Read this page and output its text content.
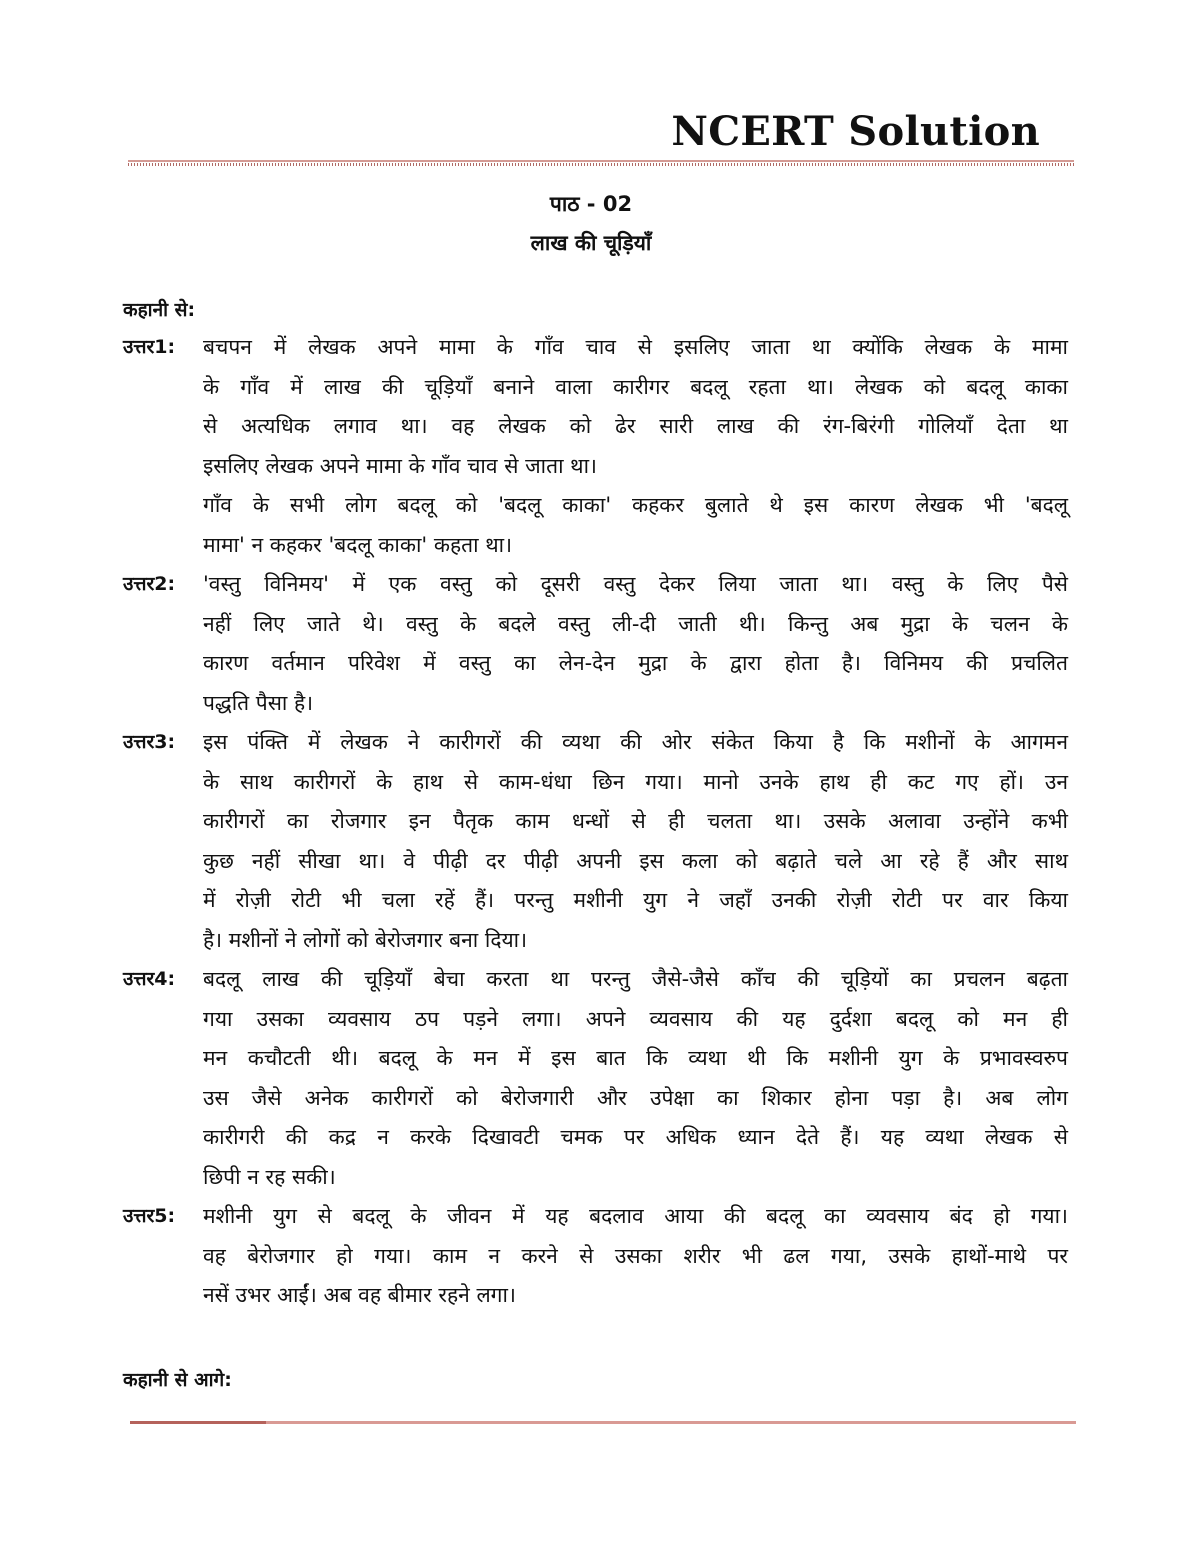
NCERT Solution
पाठ - 02
लाख की चूड़ियाँ
कहानी से:
उत्तर1:	बचपन में लेखक अपने मामा के गाँव चाव से इसलिए जाता था क्योंकि लेखक के मामा
के गाँव में लाख की चूड़ियाँ बनाने वाला कारीगर बदलू रहता था। लेखक को बदलू काका
से अत्यधिक लगाव था। वह लेखक को ढेर सारी लाख की रंग-बिरंगी गोलियाँ देता था
इसलिए लेखक अपने मामा के गाँव चाव से जाता था।
गाँव के सभी लोग बदलू को 'बदलू काका' कहकर बुलाते थे इस कारण लेखक भी 'बदलू
मामा' न कहकर 'बदलू काका' कहता था।
उत्तर2:	'वस्तु विनिमय' में एक वस्तु को दूसरी वस्तु देकर लिया जाता था। वस्तु के लिए पैसे
नहीं लिए जाते थे। वस्तु के बदले वस्तु ली-दी जाती थी। किन्तु अब मुद्रा के चलन के
कारण वर्तमान परिवेश में वस्तु का लेन-देन मुद्रा के द्वारा होता है। विनिमय की प्रचलित
पद्धति पैसा है।
उत्तर3:	इस पंक्ति में लेखक ने कारीगरों की व्यथा की ओर संकेत किया है कि मशीनों के आगमन
के साथ कारीगरों के हाथ से काम-धंधा छिन गया। मानो उनके हाथ ही कट गए हों। उन
कारीगरों का रोजगार इन पैतृक काम धन्धों से ही चलता था। उसके अलावा उन्होंने कभी
कुछ नहीं सीखा था। वे पीढ़ी दर पीढ़ी अपनी इस कला को बढ़ाते चले आ रहे हैं और साथ
में रोज़ी रोटी भी चला रहें हैं। परन्तु मशीनी युग ने जहाँ उनकी रोज़ी रोटी पर वार किया
है। मशीनों ने लोगों को बेरोजगार बना दिया।
उत्तर4:	बदलू लाख की चूड़ियाँ बेचा करता था परन्तु जैसे-जैसे काँच की चूड़ियों का प्रचलन बढ़ता
गया उसका व्यवसाय ठप पड़ने लगा। अपने व्यवसाय की यह दुर्दशा बदलू को मन ही
मन कचौटती थी। बदलू के मन में इस बात कि व्यथा थी कि मशीनी युग के प्रभावस्वरुप
उस जैसे अनेक कारीगरों को बेरोजगारी और उपेक्षा का शिकार होना पड़ा है। अब लोग
कारीगरी की कद्र न करके दिखावटी चमक पर अधिक ध्यान देते हैं। यह व्यथा लेखक से
छिपी न रह सकी।
उत्तर5:	मशीनी युग से बदलू के जीवन में यह बदलाव आया की बदलू का व्यवसाय बंद हो गया।
वह बेरोजगार हो गया। काम न करने से उसका शरीर भी ढल गया, उसके हाथों-माथे पर
नसें उभर आईं। अब वह बीमार रहने लगा।
कहानी से आगे:
